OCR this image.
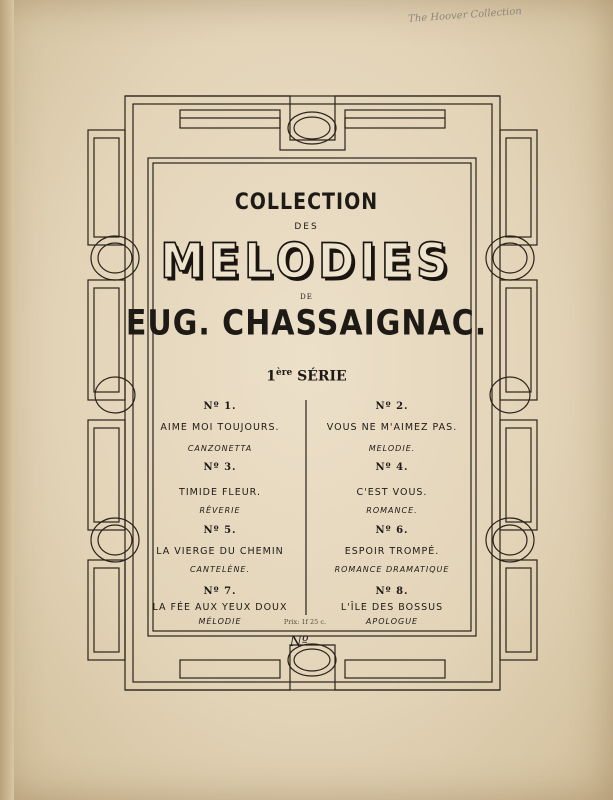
The Hoover Collection
COLLECTION
DES
MELODIES
DE
EUG. CHASSAIGNAC.
1ère SÉRIE
Nº 1.
AIME MOI TOUJOURS.
CANZONETTA
Nº 3.
TIMIDE FLEUR.
RÊVERIE
Nº 5.
LA VIERGE DU CHEMIN
CANTELÈNE.
Nº 7.
LA FÉE AUX YEUX DOUX
MÉLODIE
Nº 2.
VOUS NE M'AIMEZ PAS.
MELODIE.
Nº 4.
C'EST VOUS.
ROMANCE.
Nº 6.
ESPOIR TROMPÉ.
ROMANCE DRAMATIQUE
Nº 8.
L'ÎLE DES BOSSUS
APOLOGUE
Prix: 1f 25 c.
Nº
